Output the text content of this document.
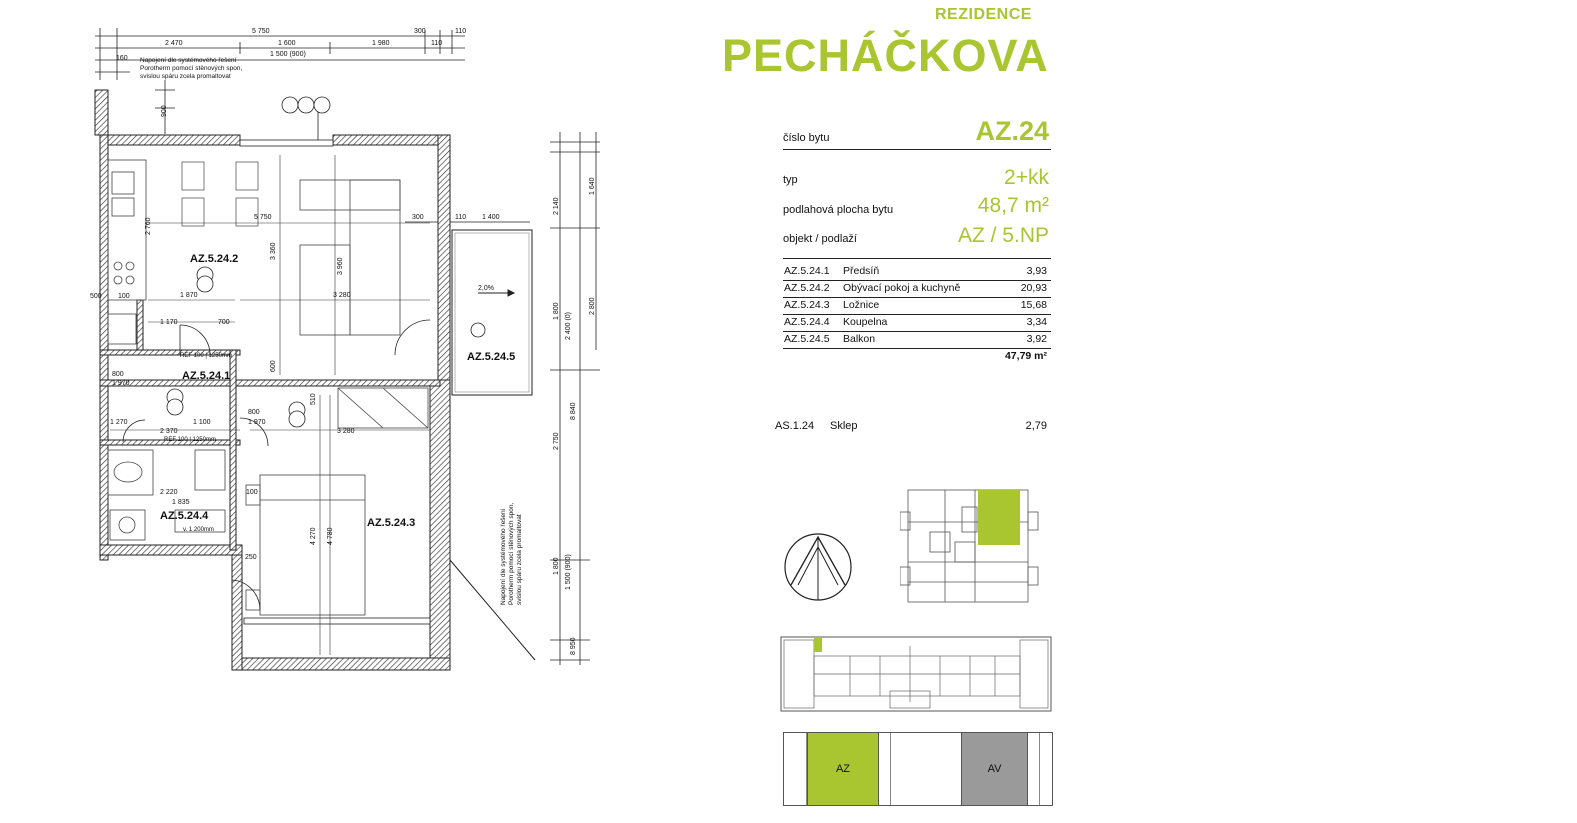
AZ.5.24.2
AZ.5.24.1
AZ.5.24.3
AZ.5.24.4
AZ.5.24.5
Napojení dle systémového řešení
Porotherm pomocí stěnových spon,
svislou spáru zcela promaltovat
Napojení dle systémového řešení Porotherm pomocí stěnových spon, svislou spáru zcela promaltovat
5 750	300	110
2 470	1 600	1 980	110
1 500 (900)
160
1 400
110
300
5 750
3 280
1 870
1 170	700
800
1 970
800
1 970
1 100
1 270
2 370	3 280
2 220
1 835
250
100
v. 1 200mm
REF 100 | 1250mm
REF 100 | 1250mm
2,0%
100
500
2 760
3 360
3 960
600
900
510
4 270 4 780
2 140
1 640
1 800
2 400 (0)
2 800
8 840
2 750
1 800 1 500 (900)
8 950
REZIDENCE
PECHÁČKOVA
číslo bytu	AZ.24
typ	2+kk
podlahová plocha bytu	48,7 m²
objekt / podlaží	AZ / 5.NP
AZ.5.24.1 Předsíň	3,93
AZ.5.24.2 Obývací pokoj a kuchyně	20,93
AZ.5.24.3 Ložnice	15,68
AZ.5.24.4 Koupelna	3,34
AZ.5.24.5 Balkon	3,92
47,79 m²
AS.1.24 Sklep	2,79
AZ	AV
